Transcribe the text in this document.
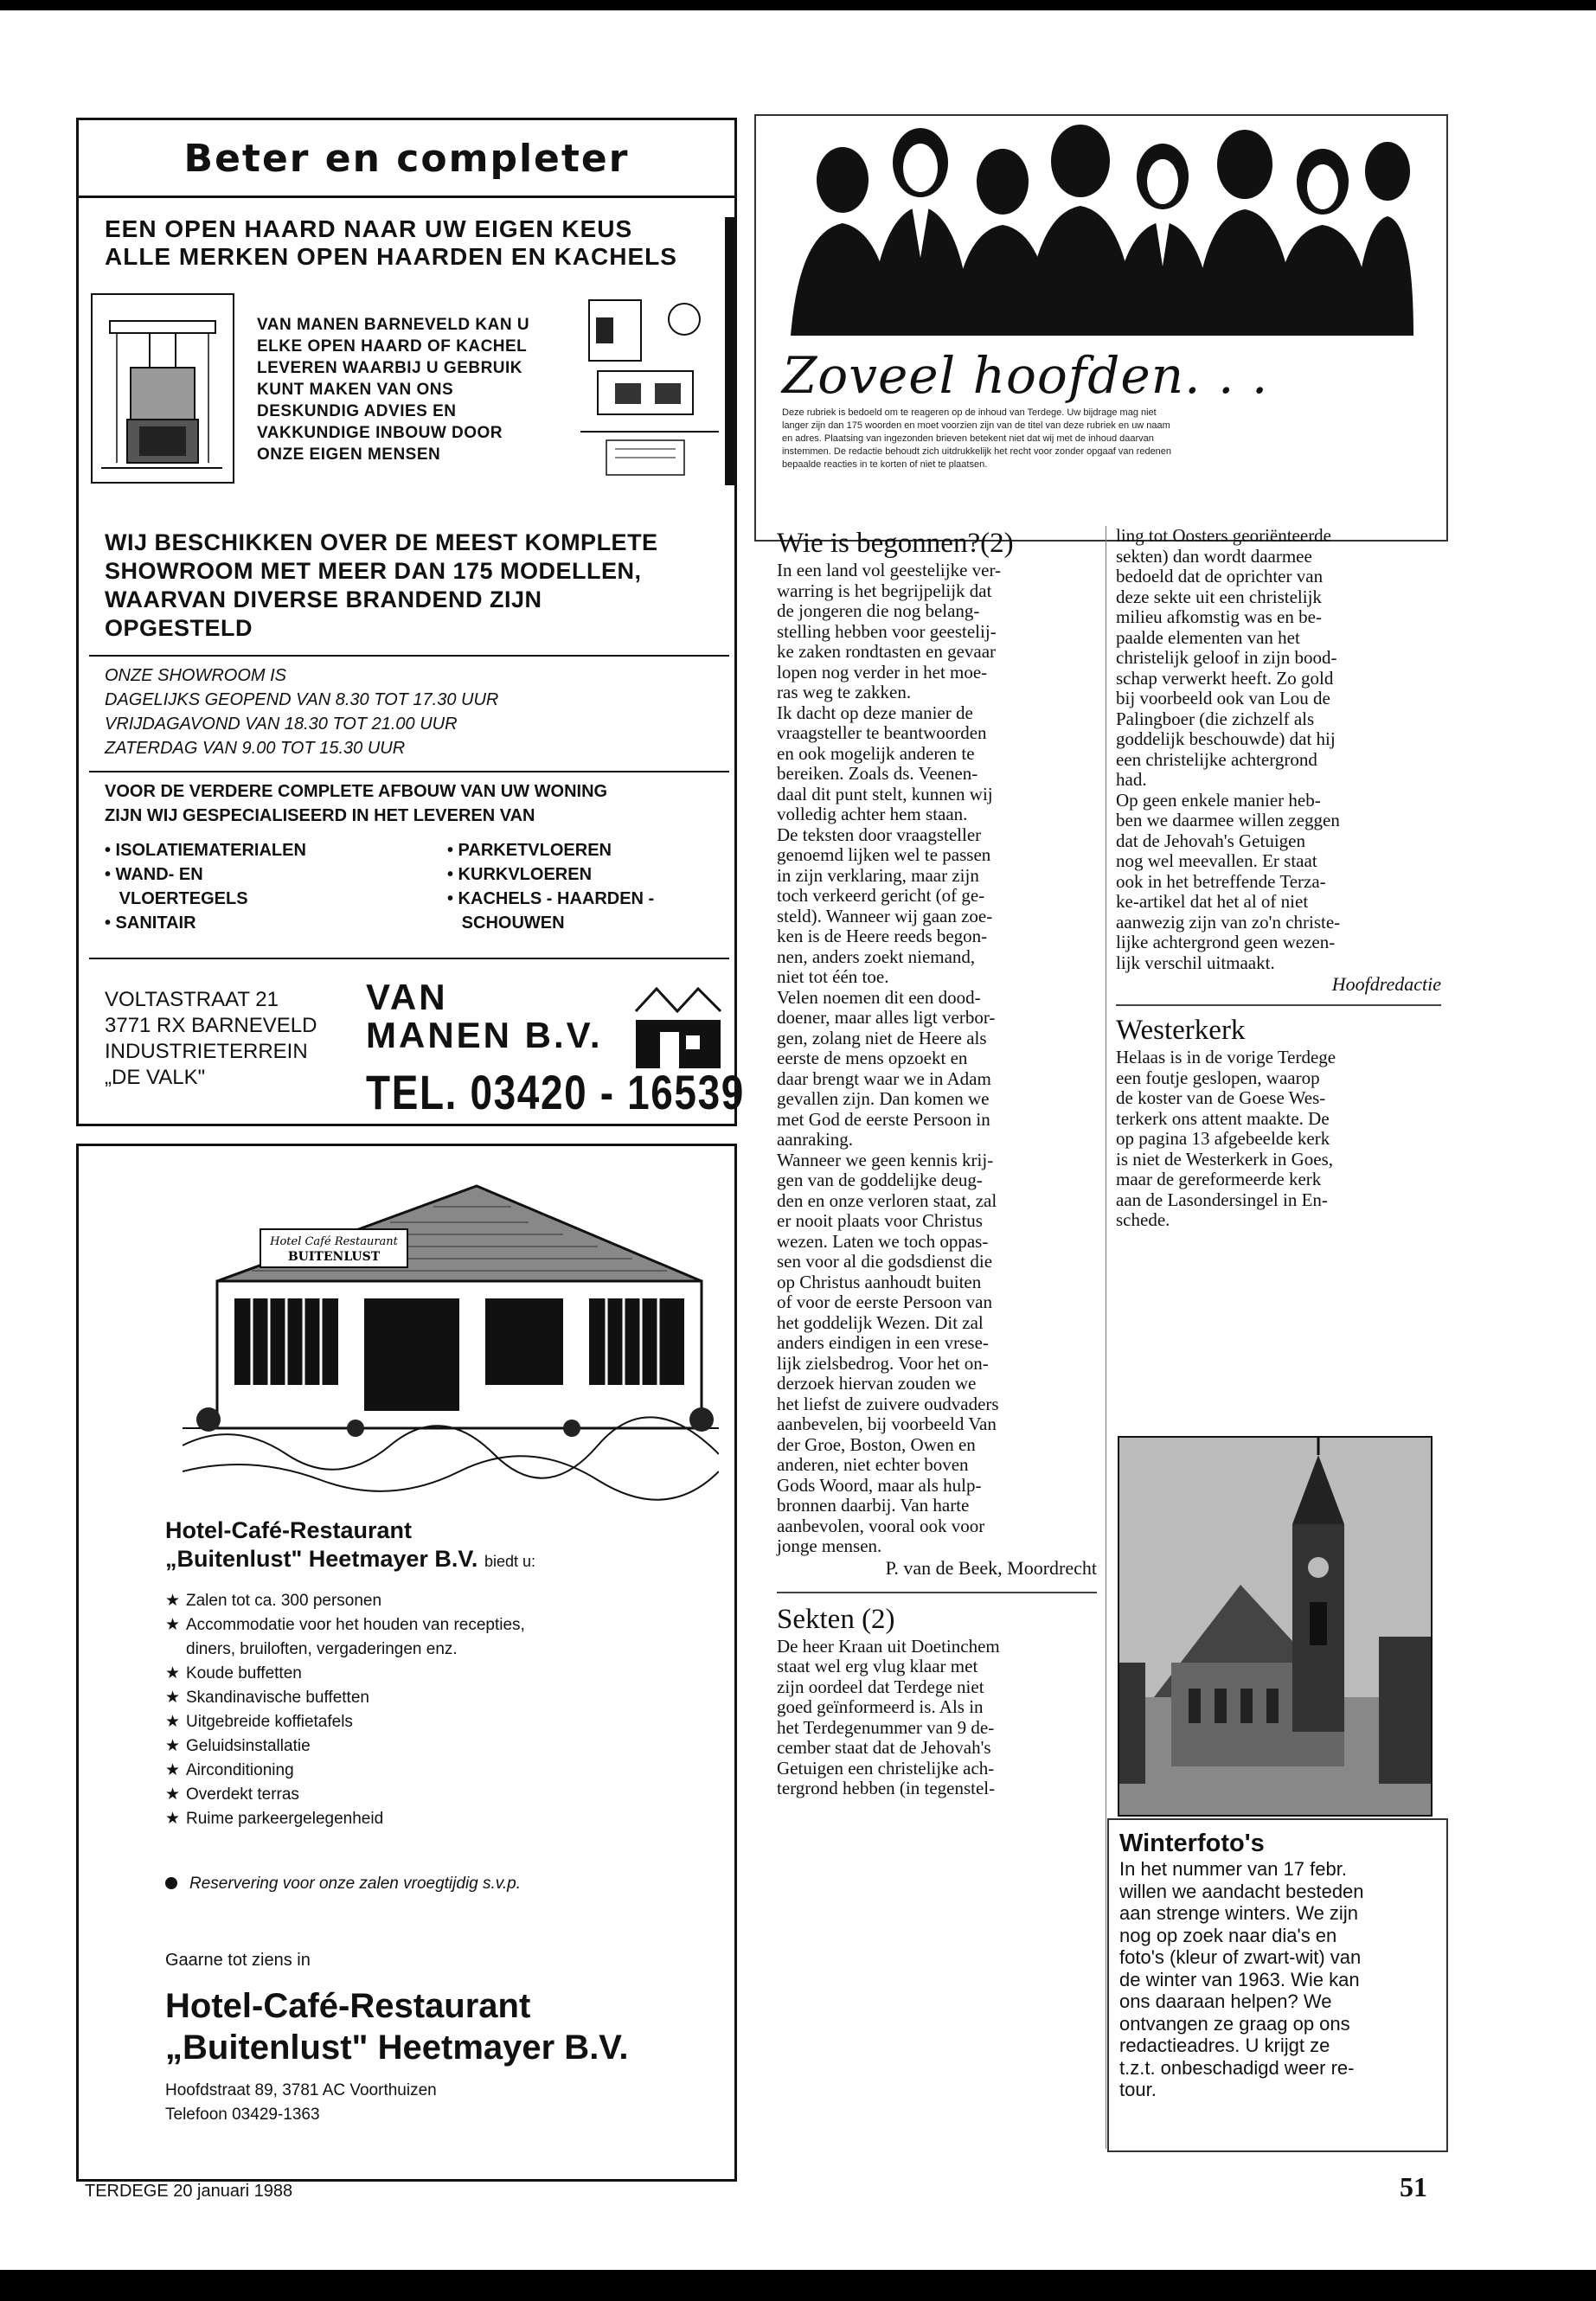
Beter en completer
EEN OPEN HAARD NAAR UW EIGEN KEUS
ALLE MERKEN OPEN HAARDEN EN KACHELS
VAN MANEN BARNEVELD KAN U
ELKE OPEN HAARD OF KACHEL
LEVEREN WAARBIJ U GEBRUIK
KUNT MAKEN VAN ONS
DESKUNDIG ADVIES EN
VAKKUNDIGE INBOUW DOOR
ONZE EIGEN MENSEN
WIJ BESCHIKKEN OVER DE MEEST KOMPLETE
SHOWROOM MET MEER DAN 175 MODELLEN,
WAARVAN DIVERSE BRANDEND ZIJN
OPGESTELD
ONZE SHOWROOM IS
DAGELIJKS GEOPEND VAN 8.30 TOT 17.30 UUR
VRIJDAGAVOND VAN 18.30 TOT 21.00 UUR
ZATERDAG VAN 9.00 TOT 15.30 UUR
VOOR DE VERDERE COMPLETE AFBOUW VAN UW WONING
ZIJN WIJ GESPECIALISEERD IN HET LEVEREN VAN
• ISOLATIEMATERIALEN
• WAND- EN
VLOERTEGELS
• SANITAIR
• PARKETVLOEREN
• KURKVLOEREN
• KACHELS - HAARDEN -
SCHOUWEN
VOLTASTRAAT 21
3771 RX BARNEVELD
INDUSTRIETERREIN
„DE VALK"
VAN
MANEN B.V.
TEL. 03420 - 16539
Hotel Café Restaurant
BUITENLUST
Hotel-Café-Restaurant
„Buitenlust" Heetmayer B.V. biedt u:
★ Zalen tot ca. 300 personen
★ Accommodatie voor het houden van recepties,
diners, bruiloften, vergaderingen enz.
★ Koude buffetten
★ Skandinavische buffetten
★ Uitgebreide koffietafels
★ Geluidsinstallatie
★ Airconditioning
★ Overdekt terras
★ Ruime parkeergelegenheid
Reservering voor onze zalen vroegtijdig s.v.p.
Gaarne tot ziens in
Hotel-Café-Restaurant
„Buitenlust" Heetmayer B.V.
Hoofdstraat 89, 3781 AC Voorthuizen
Telefoon 03429-1363
Zoveel hoofden. . .
Deze rubriek is bedoeld om te reageren op de inhoud van Terdege. Uw bijdrage mag niet
langer zijn dan 175 woorden en moet voorzien zijn van de titel van deze rubriek en uw naam
en adres. Plaatsing van ingezonden brieven betekent niet dat wij met de inhoud daarvan
instemmen. De redactie behoudt zich uitdrukkelijk het recht voor zonder opgaaf van redenen
bepaalde reacties in te korten of niet te plaatsen.
Wie is begonnen?(2)
In een land vol geestelijke ver-
warring is het begrijpelijk dat
de jongeren die nog belang-
stelling hebben voor geestelij-
ke zaken rondtasten en gevaar
lopen nog verder in het moe-
ras weg te zakken.
Ik dacht op deze manier de
vraagsteller te beantwoorden
en ook mogelijk anderen te
bereiken. Zoals ds. Veenen-
daal dit punt stelt, kunnen wij
volledig achter hem staan.
De teksten door vraagsteller
genoemd lijken wel te passen
in zijn verklaring, maar zijn
toch verkeerd gericht (of ge-
steld). Wanneer wij gaan zoe-
ken is de Heere reeds begon-
nen, anders zoekt niemand,
niet tot één toe.
Velen noemen dit een dood-
doener, maar alles ligt verbor-
gen, zolang niet de Heere als
eerste de mens opzoekt en
daar brengt waar we in Adam
gevallen zijn. Dan komen we
met God de eerste Persoon in
aanraking.
Wanneer we geen kennis krij-
gen van de goddelijke deug-
den en onze verloren staat, zal
er nooit plaats voor Christus
wezen. Laten we toch oppas-
sen voor al die godsdienst die
op Christus aanhoudt buiten
of voor de eerste Persoon van
het goddelijk Wezen. Dit zal
anders eindigen in een vrese-
lijk zielsbedrog. Voor het on-
derzoek hiervan zouden we
het liefst de zuivere oudvaders
aanbevelen, bij voorbeeld Van
der Groe, Boston, Owen en
anderen, niet echter boven
Gods Woord, maar als hulp-
bronnen daarbij. Van harte
aanbevolen, vooral ook voor
jonge mensen.
P. van de Beek, Moordrecht
Sekten (2)
De heer Kraan uit Doetinchem
staat wel erg vlug klaar met
zijn oordeel dat Terdege niet
goed geïnformeerd is. Als in
het Terdegenummer van 9 de-
cember staat dat de Jehovah's
Getuigen een christelijke ach-
tergrond hebben (in tegenstel-
ling tot Oosters georiënteerde
sekten) dan wordt daarmee
bedoeld dat de oprichter van
deze sekte uit een christelijk
milieu afkomstig was en be-
paalde elementen van het
christelijk geloof in zijn bood-
schap verwerkt heeft. Zo gold
bij voorbeeld ook van Lou de
Palingboer (die zichzelf als
goddelijk beschouwde) dat hij
een christelijke achtergrond
had.
Op geen enkele manier heb-
ben we daarmee willen zeggen
dat de Jehovah's Getuigen
nog wel meevallen. Er staat
ook in het betreffende Terza-
ke-artikel dat het al of niet
aanwezig zijn van zo'n christe-
lijke achtergrond geen wezen-
lijk verschil uitmaakt.
Hoofdredactie
Westerkerk
Helaas is in de vorige Terdege
een foutje geslopen, waarop
de koster van de Goese Wes-
terkerk ons attent maakte. De
op pagina 13 afgebeelde kerk
is niet de Westerkerk in Goes,
maar de gereformeerde kerk
aan de Lasondersingel in En-
schede.
Winterfoto's
In het nummer van 17 febr.
willen we aandacht besteden
aan strenge winters. We zijn
nog op zoek naar dia's en
foto's (kleur of zwart-wit) van
de winter van 1963. Wie kan
ons daaraan helpen? We
ontvangen ze graag op ons
redactieadres. U krijgt ze
t.z.t. onbeschadigd weer re-
tour.
TERDEGE 20 januari 1988	51
